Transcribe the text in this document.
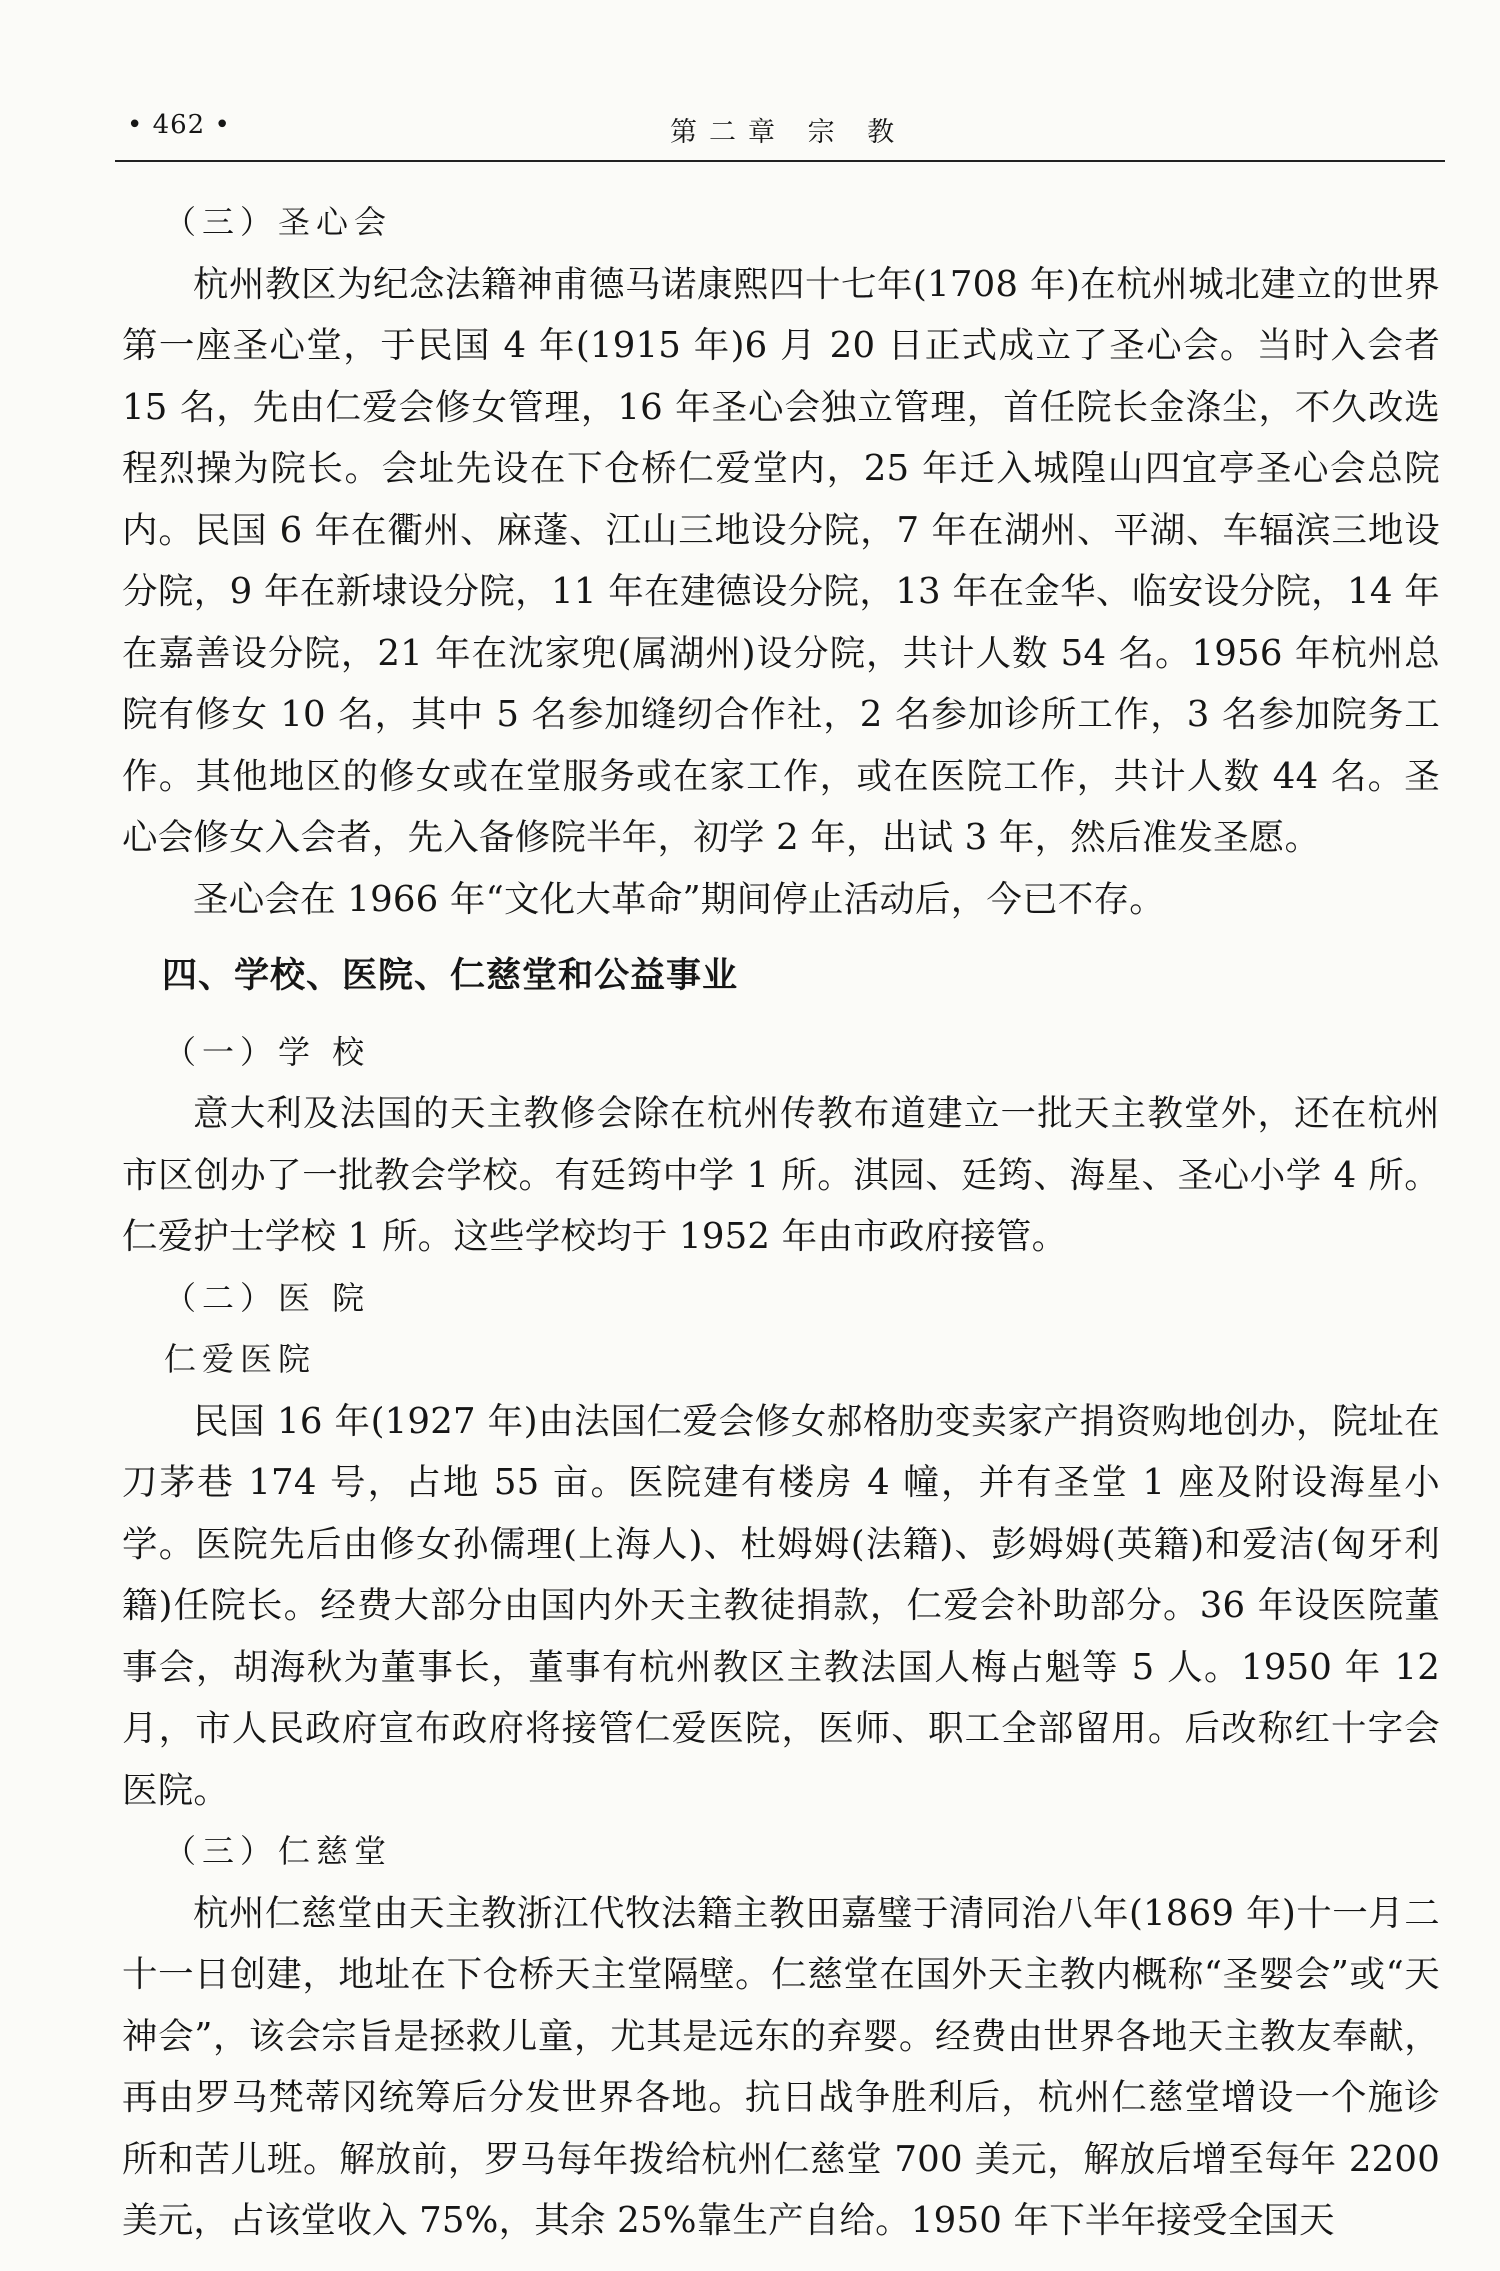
• 462 •	第二章 宗 教

（三）圣心会

杭州教区为纪念法籍神甫德马诺康熙四十七年(1708 年)在杭州城北建立的世界第一座圣心堂，于民国 4 年(1915 年)6 月 20 日正式成立了圣心会。当时入会者 15 名，先由仁爱会修女管理，16 年圣心会独立管理，首任院长金涤尘，不久改选程烈操为院长。会址先设在下仓桥仁爱堂内，25 年迁入城隍山四宜亭圣心会总院内。民国 6 年在衢州、麻蓬、江山三地设分院，7 年在湖州、平湖、车辐滨三地设分院，9 年在新埭设分院，11 年在建德设分院，13 年在金华、临安设分院，14 年在嘉善设分院，21 年在沈家兜(属湖州)设分院，共计人数 54 名。1956 年杭州总院有修女 10 名，其中 5 名参加缝纫合作社，2 名参加诊所工作，3 名参加院务工作。其他地区的修女或在堂服务或在家工作，或在医院工作，共计人数 44 名。圣心会修女入会者，先入备修院半年，初学 2 年，出试 3 年，然后准发圣愿。

圣心会在 1966 年“文化大革命”期间停止活动后，今已不存。

四、学校、医院、仁慈堂和公益事业

（一）学 校

意大利及法国的天主教修会除在杭州传教布道建立一批天主教堂外，还在杭州市区创办了一批教会学校。有廷筠中学 1 所。淇园、廷筠、海星、圣心小学 4 所。仁爱护士学校 1 所。这些学校均于 1952 年由市政府接管。

（二）医 院

仁爱医院

民国 16 年(1927 年)由法国仁爱会修女郝格肋变卖家产捐资购地创办，院址在刀茅巷 174 号，占地 55 亩。医院建有楼房 4 幢，并有圣堂 1 座及附设海星小学。医院先后由修女孙儒理(上海人)、杜姆姆(法籍)、彭姆姆(英籍)和爱洁(匈牙利籍)任院长。经费大部分由国内外天主教徒捐款，仁爱会补助部分。36 年设医院董事会，胡海秋为董事长，董事有杭州教区主教法国人梅占魁等 5 人。1950 年 12 月，市人民政府宣布政府将接管仁爱医院，医师、职工全部留用。后改称红十字会医院。

（三）仁慈堂

杭州仁慈堂由天主教浙江代牧法籍主教田嘉璧于清同治八年(1869 年)十一月二十一日创建，地址在下仓桥天主堂隔壁。仁慈堂在国外天主教内概称“圣婴会”或“天神会”，该会宗旨是拯救儿童，尤其是远东的弃婴。经费由世界各地天主教友奉献，再由罗马梵蒂冈统筹后分发世界各地。抗日战争胜利后，杭州仁慈堂增设一个施诊所和苦儿班。解放前，罗马每年拨给杭州仁慈堂 700 美元，解放后增至每年 2200 美元，占该堂收入 75%，其余 25%靠生产自给。1950 年下半年接受全国天
